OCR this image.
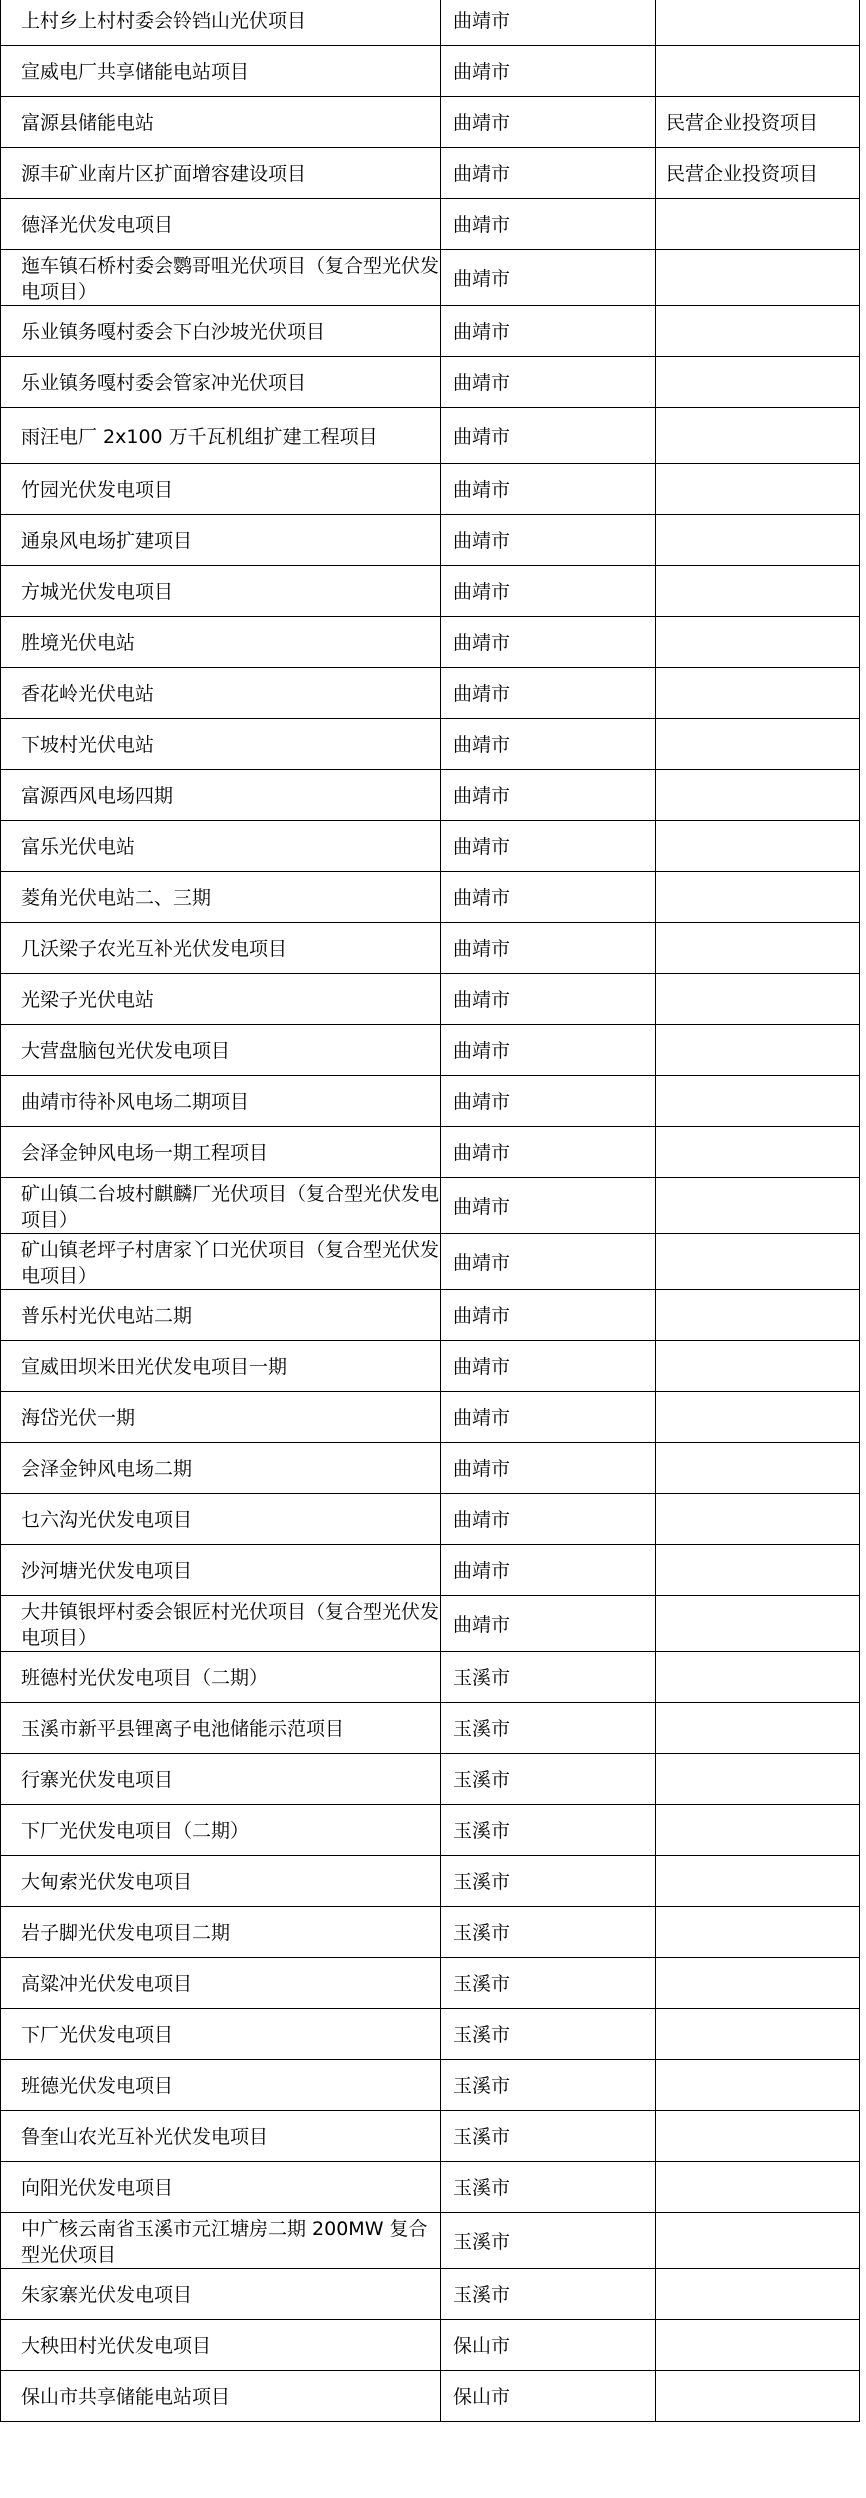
上村乡上村村委会铃铛山光伏项目	曲靖市	
宣威电厂共享储能电站项目	曲靖市	
富源县储能电站	曲靖市	民营企业投资项目
源丰矿业南片区扩面增容建设项目	曲靖市	民营企业投资项目
德泽光伏发电项目	曲靖市	
迤车镇石桥村委会鹦哥咀光伏项目（复合型光伏发电项目）	曲靖市	
乐业镇务嘎村委会下白沙坡光伏项目	曲靖市	
乐业镇务嘎村委会管家冲光伏项目	曲靖市	
雨汪电厂 2x100 万千瓦机组扩建工程项目	曲靖市	
竹园光伏发电项目	曲靖市	
通泉风电场扩建项目	曲靖市	
方城光伏发电项目	曲靖市	
胜境光伏电站	曲靖市	
香花岭光伏电站	曲靖市	
下坡村光伏电站	曲靖市	
富源西风电场四期	曲靖市	
富乐光伏电站	曲靖市	
菱角光伏电站二、三期	曲靖市	
几沃梁子农光互补光伏发电项目	曲靖市	
光梁子光伏电站	曲靖市	
大营盘脑包光伏发电项目	曲靖市	
曲靖市待补风电场二期项目	曲靖市	
会泽金钟风电场一期工程项目	曲靖市	
矿山镇二台坡村麒麟厂光伏项目（复合型光伏发电项目）	曲靖市	
矿山镇老坪子村唐家丫口光伏项目（复合型光伏发电项目）	曲靖市	
普乐村光伏电站二期	曲靖市	
宣威田坝米田光伏发电项目一期	曲靖市	
海岱光伏一期	曲靖市	
会泽金钟风电场二期	曲靖市	
乜六沟光伏发电项目	曲靖市	
沙河塘光伏发电项目	曲靖市	
大井镇银坪村委会银匠村光伏项目（复合型光伏发电项目）	曲靖市	
班德村光伏发电项目（二期）	玉溪市	
玉溪市新平县锂离子电池储能示范项目	玉溪市	
行寨光伏发电项目	玉溪市	
下厂光伏发电项目（二期）	玉溪市	
大甸索光伏发电项目	玉溪市	
岩子脚光伏发电项目二期	玉溪市	
高粱冲光伏发电项目	玉溪市	
下厂光伏发电项目	玉溪市	
班德光伏发电项目	玉溪市	
鲁奎山农光互补光伏发电项目	玉溪市	
向阳光伏发电项目	玉溪市	
中广核云南省玉溪市元江塘房二期 200MW 复合型光伏项目	玉溪市	
朱家寨光伏发电项目	玉溪市	
大秧田村光伏发电项目	保山市	
保山市共享储能电站项目	保山市	
